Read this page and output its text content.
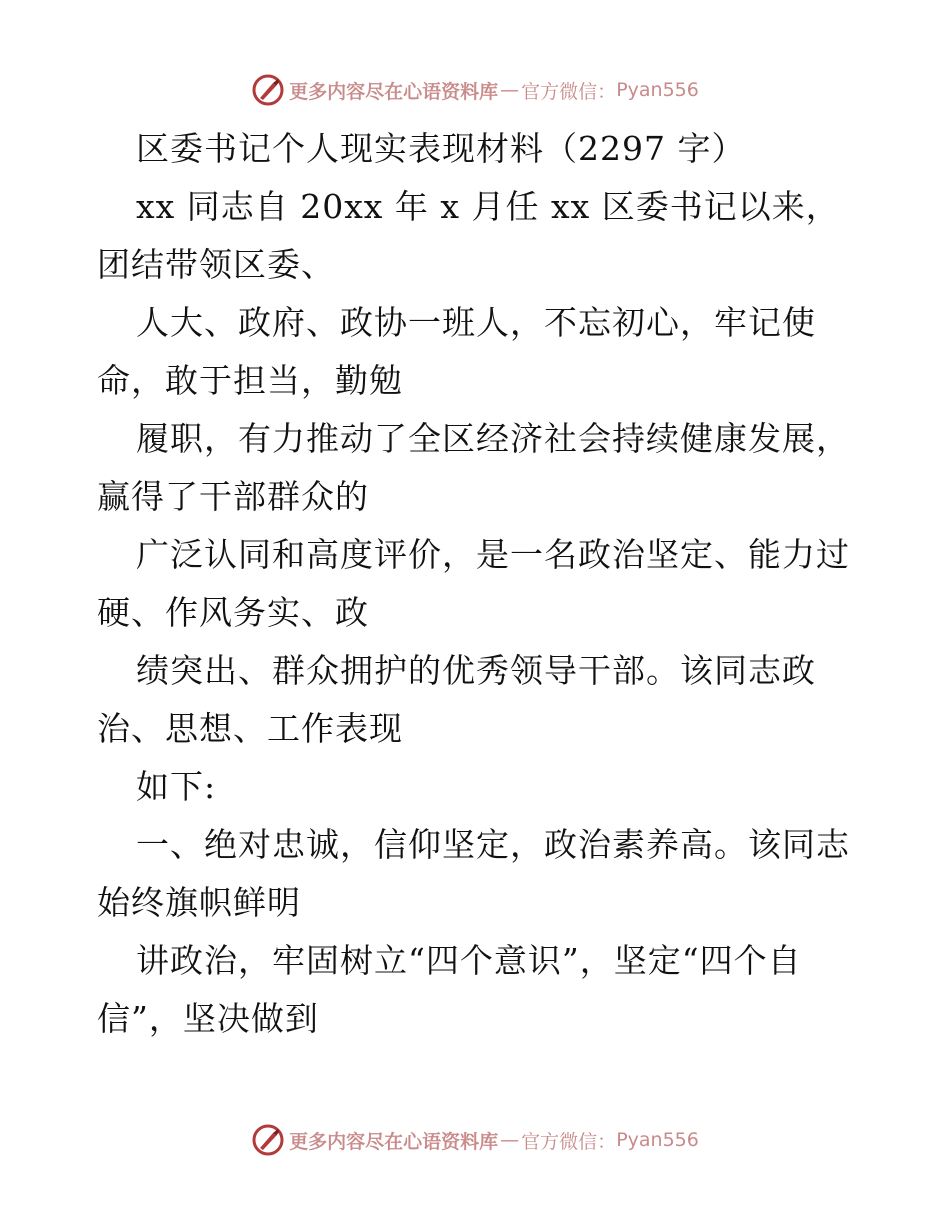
更多内容尽在心语资料库 — 官方微信： Pyan556

区委书记个人现实表现材料（2297 字）

xx 同志自 20xx 年 x 月任 xx 区委书记以来，
团结带领区委、

人大、政府、政协一班人，不忘初心，牢记使
命，敢于担当，勤勉

履职，有力推动了全区经济社会持续健康发展，
赢得了干部群众的

广泛认同和高度评价，是一名政治坚定、能力过
硬、作风务实、政

绩突出、群众拥护的优秀领导干部。该同志政
治、思想、工作表现

如下:

一、绝对忠诚，信仰坚定，政治素养高。该同志
始终旗帜鲜明

讲政治，牢固树立“四个意识”，坚定“四个自
信”，坚决做到

更多内容尽在心语资料库 — 官方微信： Pyan556
